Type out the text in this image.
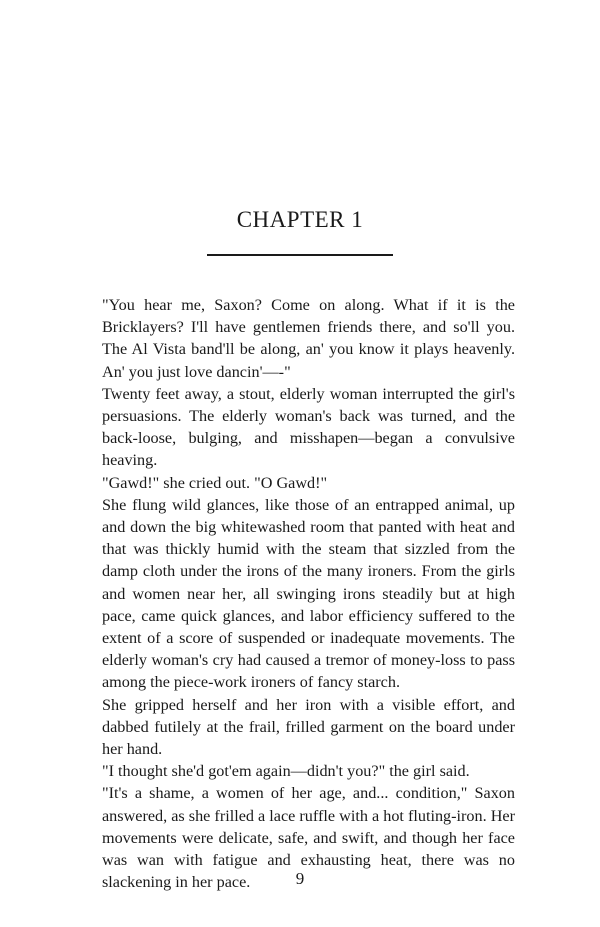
CHAPTER 1

"You hear me, Saxon? Come on along. What if it is the Bricklayers? I'll have gentlemen friends there, and so'll you. The Al Vista band'll be along, an' you know it plays heavenly. An' you just love dancin'—-"

Twenty feet away, a stout, elderly woman interrupted the girl's persuasions. The elderly woman's back was turned, and the back-loose, bulging, and misshapen—began a convulsive heaving.

"Gawd!" she cried out. "O Gawd!"

She flung wild glances, like those of an entrapped animal, up and down the big whitewashed room that panted with heat and that was thickly humid with the steam that sizzled from the damp cloth under the irons of the many ironers. From the girls and women near her, all swinging irons steadily but at high pace, came quick glances, and labor efficiency suffered to the extent of a score of suspended or inadequate movements. The elderly woman's cry had caused a tremor of money-loss to pass among the piece-work ironers of fancy starch.

She gripped herself and her iron with a visible effort, and dabbed futilely at the frail, frilled garment on the board under her hand.

"I thought she'd got'em again—didn't you?" the girl said.

"It's a shame, a women of her age, and... condition," Saxon answered, as she frilled a lace ruffle with a hot fluting-iron. Her movements were delicate, safe, and swift, and though her face was wan with fatigue and exhausting heat, there was no slackening in her pace.	9
